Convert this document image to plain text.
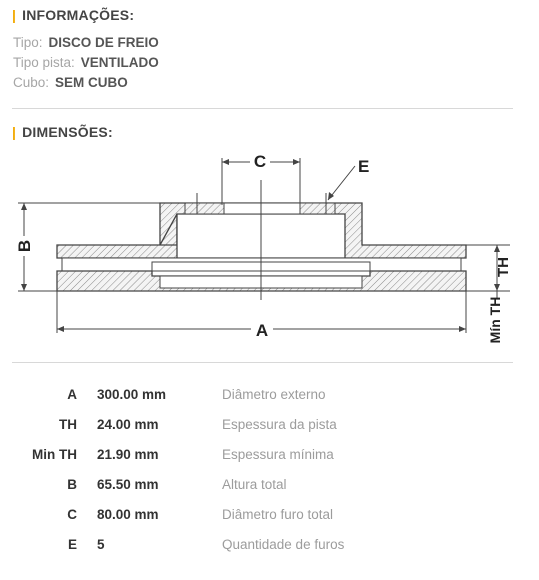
| INFORMAÇÕES:
Tipo: DISCO DE FREIO
Tipo pista: VENTILADO
Cubo: SEM CUBO
| DIMENSÕES:
C	E
B
A
TH
Mín TH
A 300.00 mm	Diâmetro externo
TH 24.00 mm	Espessura da pista
Min TH 21.90 mm	Espessura mínima
B 65.50 mm	Altura total
C 80.00 mm	Diâmetro furo total
E 5	Quantidade de furos
